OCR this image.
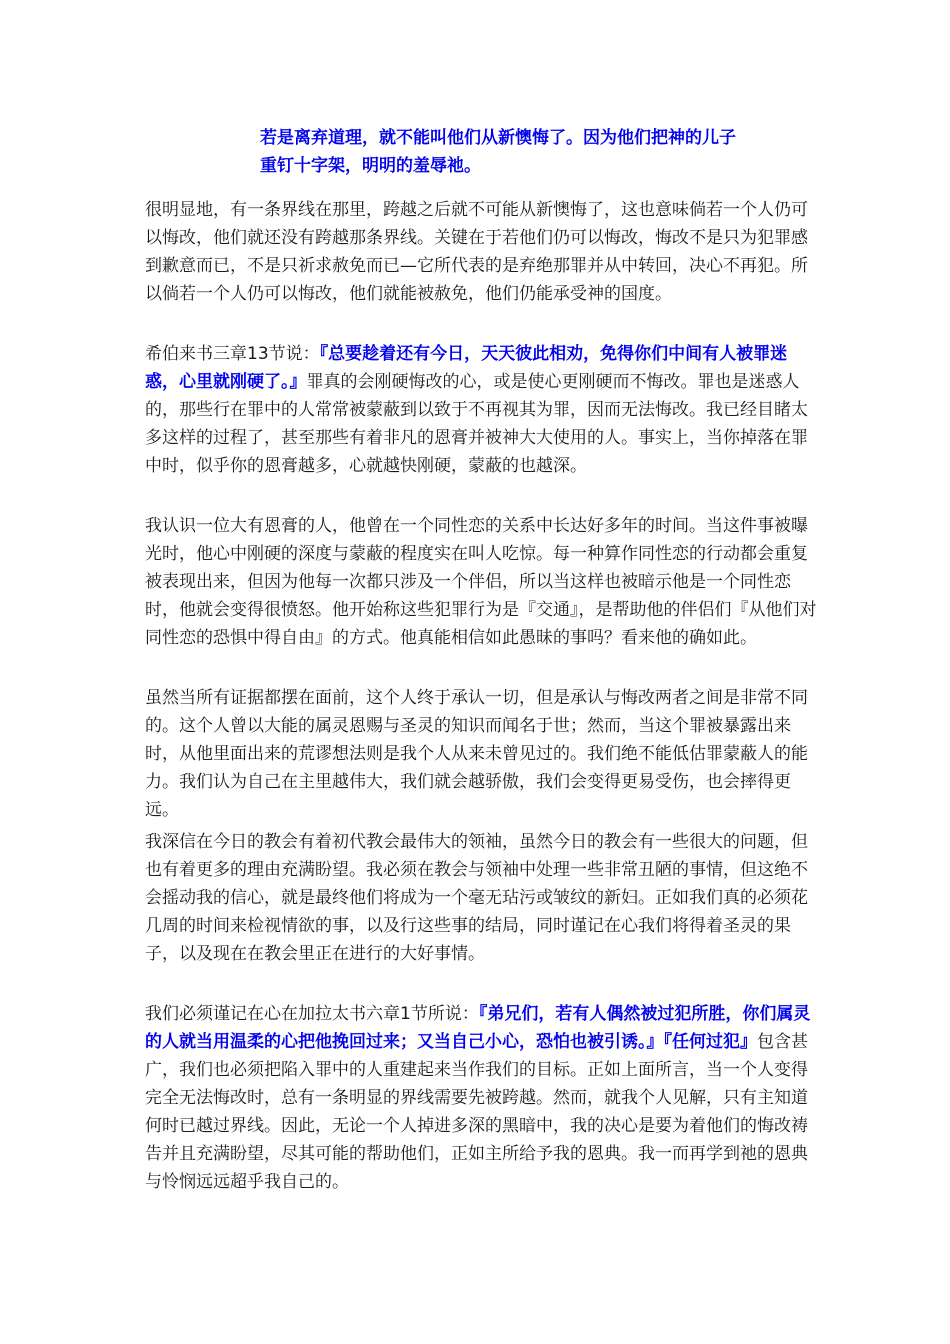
若是离弃道理，就不能叫他们从新懊悔了。因为他们把神的儿子
重钉十字架，明明的羞辱祂。

很明显地，有一条界线在那里，跨越之后就不可能从新懊悔了，这也意味倘若一个人仍可以悔改，他们就还没有跨越那条界线。关键在于若他们仍可以悔改，悔改不是只为犯罪感到歉意而已，不是只祈求赦免而已—它所代表的是弃绝那罪并从中转回，决心不再犯。所以倘若一个人仍可以悔改，他们就能被赦免，他们仍能承受神的国度。

希伯来书三章13节说：『总要趁着还有今日，天天彼此相劝，免得你们中间有人被罪迷惑，心里就刚硬了。』罪真的会刚硬悔改的心，或是使心更刚硬而不悔改。罪也是迷惑人的，那些行在罪中的人常常被蒙蔽到以致于不再视其为罪，因而无法悔改。我已经目睹太多这样的过程了，甚至那些有着非凡的恩膏并被神大大使用的人。事实上，当你掉落在罪中时，似乎你的恩膏越多，心就越快刚硬，蒙蔽的也越深。

我认识一位大有恩膏的人，他曾在一个同性恋的关系中长达好多年的时间。当这件事被曝光时，他心中刚硬的深度与蒙蔽的程度实在叫人吃惊。每一种算作同性恋的行动都会重复被表现出来，但因为他每一次都只涉及一个伴侣，所以当这样也被暗示他是一个同性恋时，他就会变得很愤怒。他开始称这些犯罪行为是『交通』，是帮助他的伴侣们『从他们对同性恋的恐惧中得自由』的方式。他真能相信如此愚昧的事吗？看来他的确如此。

虽然当所有证据都摆在面前，这个人终于承认一切，但是承认与悔改两者之间是非常不同的。这个人曾以大能的属灵恩赐与圣灵的知识而闻名于世；然而，当这个罪被暴露出来时，从他里面出来的荒谬想法则是我个人从来未曾见过的。我们绝不能低估罪蒙蔽人的能力。我们认为自己在主里越伟大，我们就会越骄傲，我们会变得更易受伤，也会摔得更远。

我深信在今日的教会有着初代教会最伟大的领袖，虽然今日的教会有一些很大的问题，但也有着更多的理由充满盼望。我必须在教会与领袖中处理一些非常丑陋的事情，但这绝不会摇动我的信心，就是最终他们将成为一个毫无玷污或皱纹的新妇。正如我们真的必须花几周的时间来检视情欲的事，以及行这些事的结局，同时谨记在心我们将得着圣灵的果子，以及现在在教会里正在进行的大好事情。

我们必须谨记在心在加拉太书六章1节所说：『弟兄们，若有人偶然被过犯所胜，你们属灵的人就当用温柔的心把他挽回过来；又当自己小心，恐怕也被引诱。』『任何过犯』包含甚广，我们也必须把陷入罪中的人重建起来当作我们的目标。正如上面所言，当一个人变得完全无法悔改时，总有一条明显的界线需要先被跨越。然而，就我个人见解，只有主知道何时已越过界线。因此，无论一个人掉进多深的黑暗中，我的决心是要为着他们的悔改祷告并且充满盼望，尽其可能的帮助他们，正如主所给予我的恩典。我一而再学到祂的恩典与怜悯远远超乎我自己的。
